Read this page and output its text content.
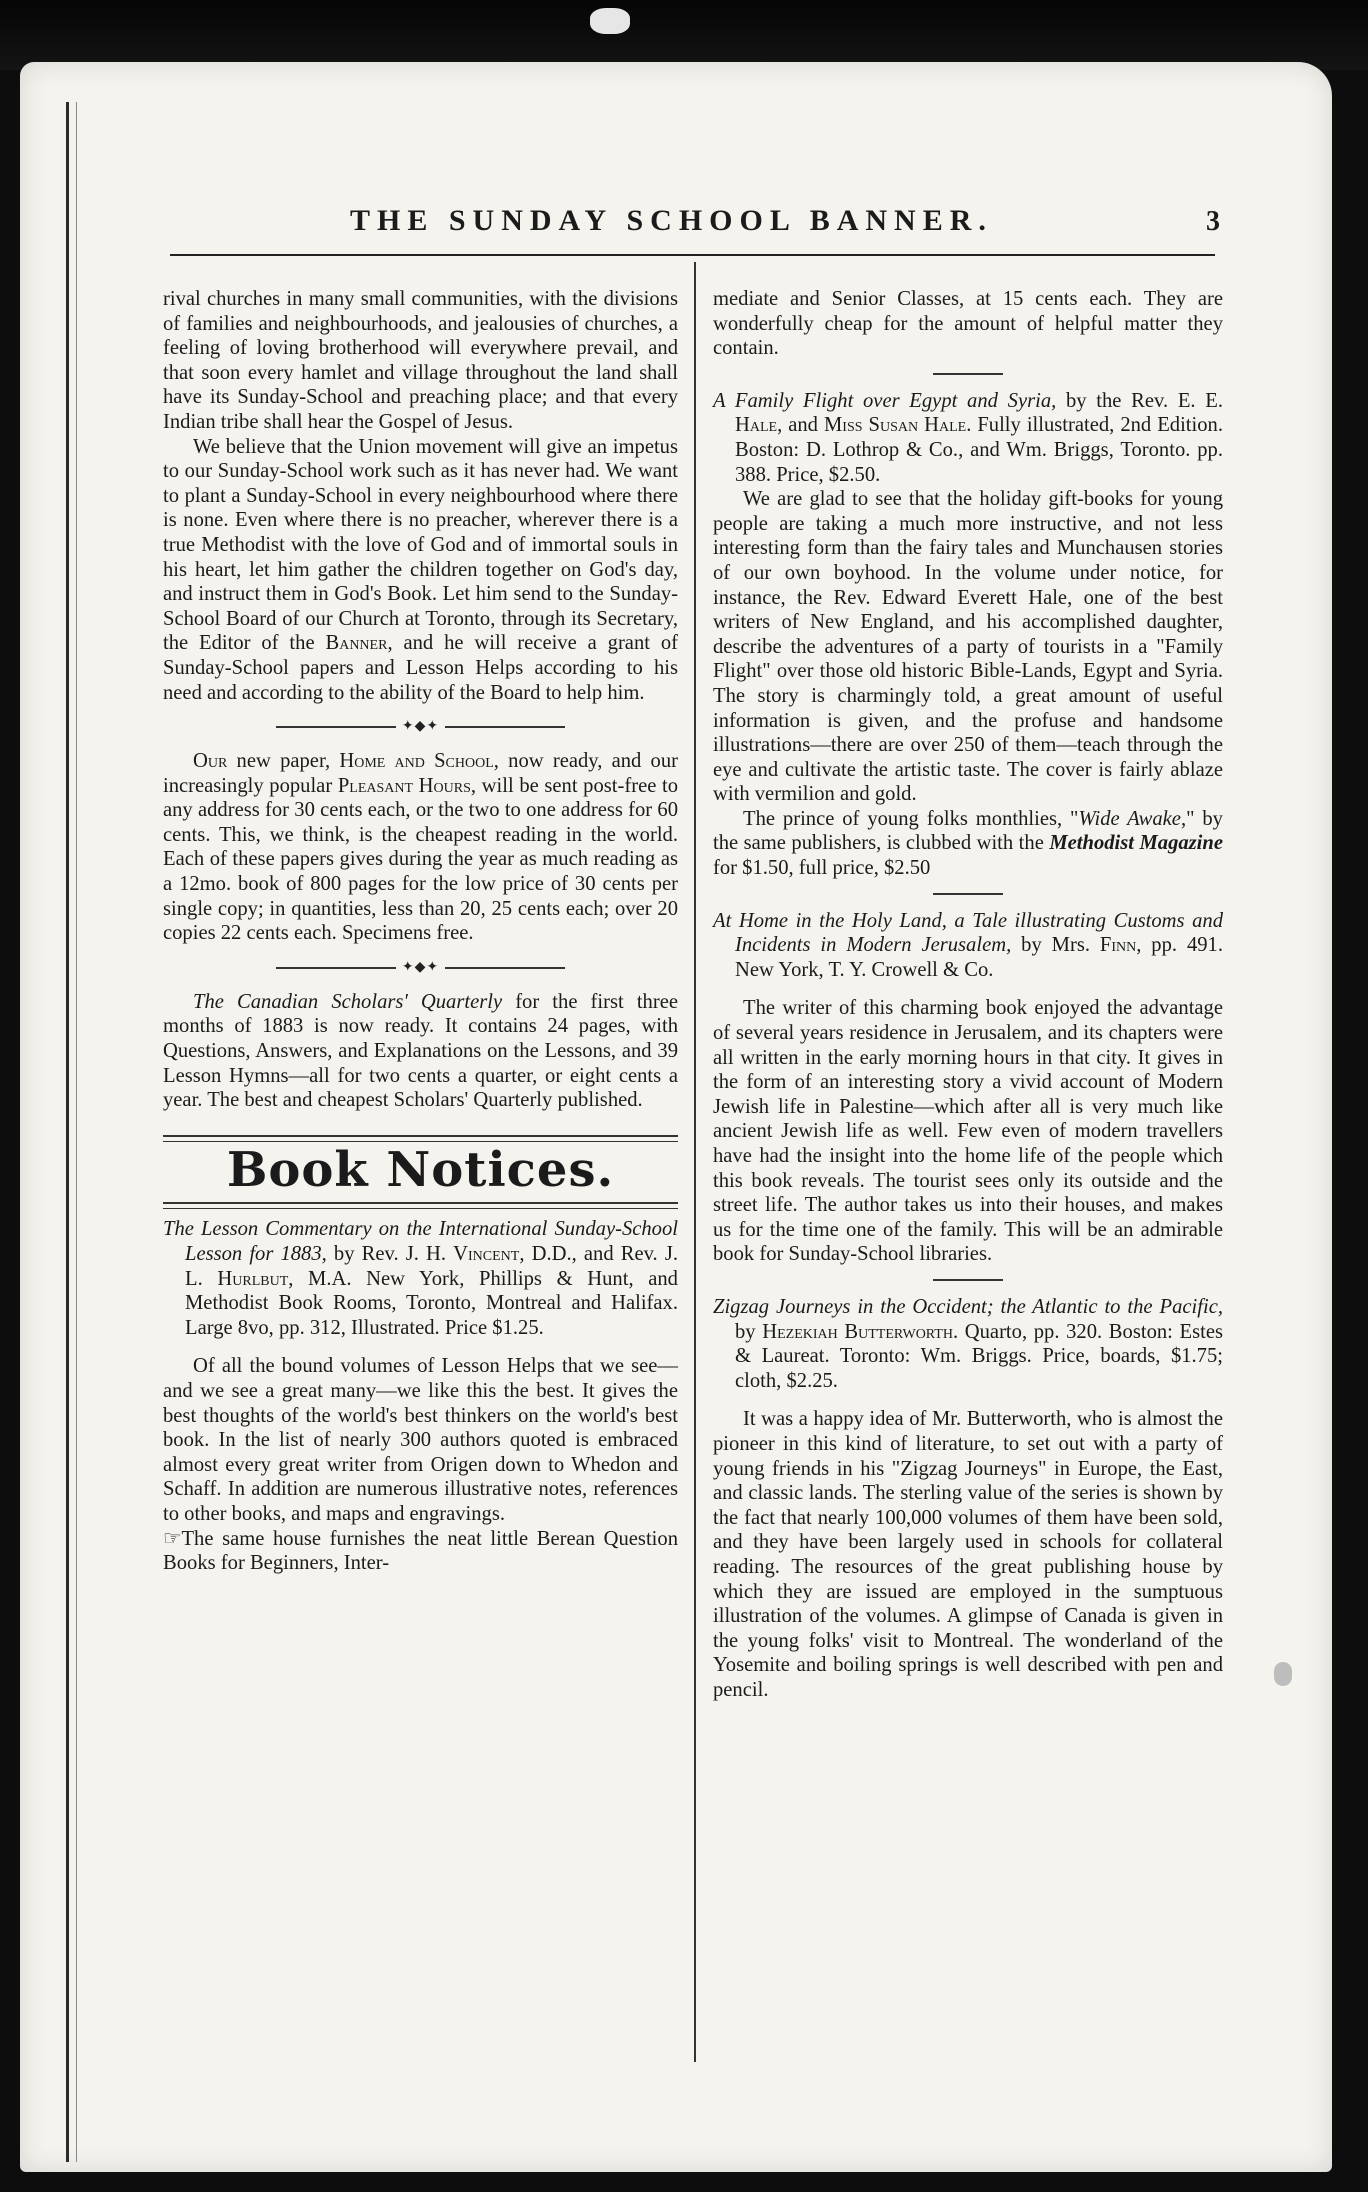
THE SUNDAY SCHOOL BANNER.	3

rival churches in many small communities, with the divisions of families and neighbourhoods, and jealousies of churches, a feeling of loving brotherhood will everywhere prevail, and that soon every hamlet and village throughout the land shall have its Sunday-School and preaching place; and that every Indian tribe shall hear the Gospel of Jesus.

We believe that the Union movement will give an impetus to our Sunday-School work such as it has never had. We want to plant a Sunday-School in every neighbourhood where there is none. Even where there is no preacher, wherever there is a true Methodist with the love of God and of immortal souls in his heart, let him gather the children together on God's day, and instruct them in God's Book. Let him send to the Sunday-School Board of our Church at Toronto, through its Secretary, the Editor of the Banner, and he will receive a grant of Sunday-School papers and Lesson Helps according to his need and according to the ability of the Board to help him.

✦◆✦

Our new paper, Home and School, now ready, and our increasingly popular Pleasant Hours, will be sent post-free to any address for 30 cents each, or the two to one address for 60 cents. This, we think, is the cheapest reading in the world. Each of these papers gives during the year as much reading as a 12mo. book of 800 pages for the low price of 30 cents per single copy; in quantities, less than 20, 25 cents each; over 20 copies 22 cents each. Specimens free.

✦◆✦

The Canadian Scholars' Quarterly for the first three months of 1883 is now ready. It contains 24 pages, with Questions, Answers, and Explanations on the Lessons, and 39 Lesson Hymns—all for two cents a quarter, or eight cents a year. The best and cheapest Scholars' Quarterly published.

Book Notices.

The Lesson Commentary on the International Sunday-School Lesson for 1883, by Rev. J. H. Vincent, D.D., and Rev. J. L. Hurlbut, M.A. New York, Phillips & Hunt, and Methodist Book Rooms, Toronto, Montreal and Halifax. Large 8vo, pp. 312, Illustrated. Price $1.25.

Of all the bound volumes of Lesson Helps that we see—and we see a great many—we like this the best. It gives the best thoughts of the world's best thinkers on the world's best book. In the list of nearly 300 authors quoted is embraced almost every great writer from Origen down to Whedon and Schaff. In addition are numerous illustrative notes, references to other books, and maps and engravings.

☞The same house furnishes the neat little Berean Question Books for Beginners, Inter-

mediate and Senior Classes, at 15 cents each. They are wonderfully cheap for the amount of helpful matter they contain.

A Family Flight over Egypt and Syria, by the Rev. E. E. Hale, and Miss Susan Hale. Fully illustrated, 2nd Edition. Boston: D. Lothrop & Co., and Wm. Briggs, Toronto. pp. 388. Price, $2.50.

We are glad to see that the holiday gift-books for young people are taking a much more instructive, and not less interesting form than the fairy tales and Munchausen stories of our own boyhood. In the volume under notice, for instance, the Rev. Edward Everett Hale, one of the best writers of New England, and his accomplished daughter, describe the adventures of a party of tourists in a "Family Flight" over those old historic Bible-Lands, Egypt and Syria. The story is charmingly told, a great amount of useful information is given, and the profuse and handsome illustrations—there are over 250 of them—teach through the eye and cultivate the artistic taste. The cover is fairly ablaze with vermilion and gold.

The prince of young folks monthlies, "Wide Awake," by the same publishers, is clubbed with the Methodist Magazine for $1.50, full price, $2.50

At Home in the Holy Land, a Tale illustrating Customs and Incidents in Modern Jerusalem, by Mrs. Finn, pp. 491. New York, T. Y. Crowell & Co.

The writer of this charming book enjoyed the advantage of several years residence in Jerusalem, and its chapters were all written in the early morning hours in that city. It gives in the form of an interesting story a vivid account of Modern Jewish life in Palestine—which after all is very much like ancient Jewish life as well. Few even of modern travellers have had the insight into the home life of the people which this book reveals. The tourist sees only its outside and the street life. The author takes us into their houses, and makes us for the time one of the family. This will be an admirable book for Sunday-School libraries.

Zigzag Journeys in the Occident; the Atlantic to the Pacific, by Hezekiah Butterworth. Quarto, pp. 320. Boston: Estes & Laureat. Toronto: Wm. Briggs. Price, boards, $1.75; cloth, $2.25.

It was a happy idea of Mr. Butterworth, who is almost the pioneer in this kind of literature, to set out with a party of young friends in his "Zigzag Journeys" in Europe, the East, and classic lands. The sterling value of the series is shown by the fact that nearly 100,000 volumes of them have been sold, and they have been largely used in schools for collateral reading. The resources of the great publishing house by which they are issued are employed in the sumptuous illustration of the volumes. A glimpse of Canada is given in the young folks' visit to Montreal. The wonderland of the Yosemite and boiling springs is well described with pen and pencil.
